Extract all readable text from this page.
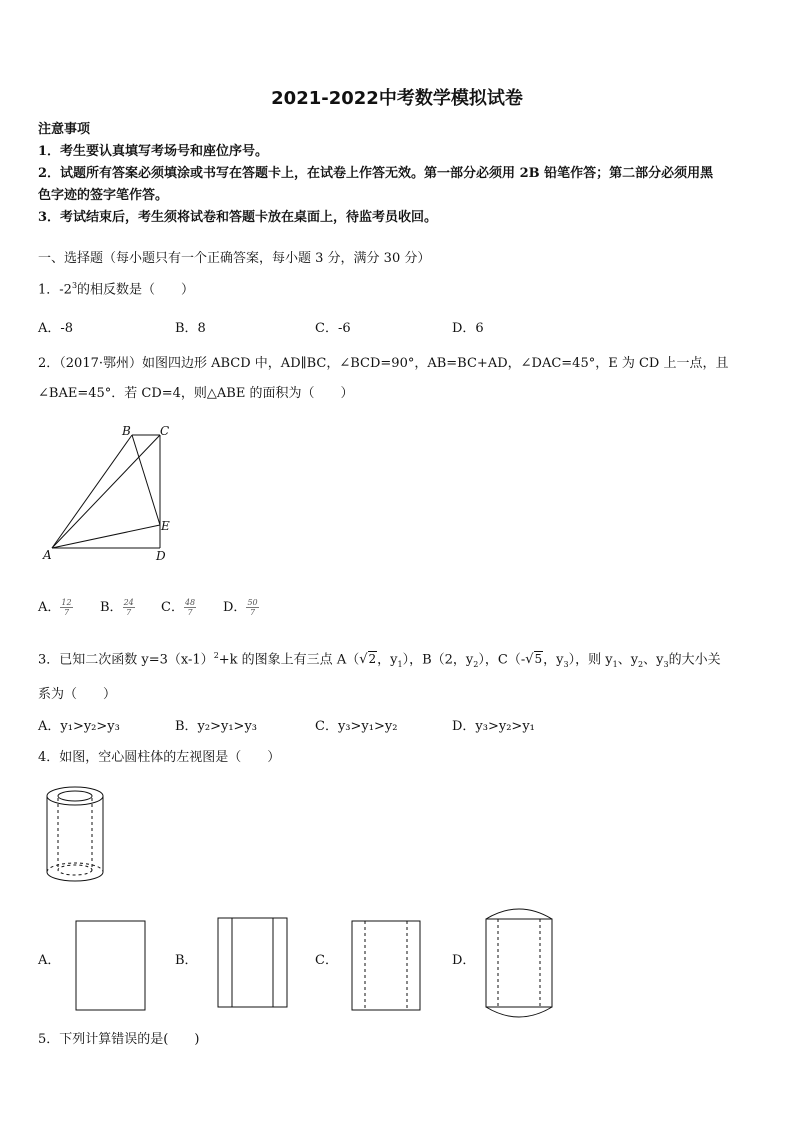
2021-2022中考数学模拟试卷
注意事项
1．考生要认真填写考场号和座位序号。
2．试题所有答案必须填涂或书写在答题卡上，在试卷上作答无效。第一部分必须用 2B 铅笔作答；第二部分必须用黑
色字迹的签字笔作答。
3．考试结束后，考生须将试卷和答题卡放在桌面上，待监考员收回。
一、选择题（每小题只有一个正确答案，每小题 3 分，满分 30 分）
1．$-2^3$的相反数是（　　）
A．-8	B．8	C．-6	D．6
2．（2017·鄂州）如图四边形 ABCD 中，AD∥BC，∠BCD=90°，AB=BC+AD，∠DAC=45°，E 为 CD 上一点，且
∠BAE=45°．若 CD=4，则△ABE 的面积为（　　）
B C
E
A	D
A． $\frac{12}{7}$ B． $\frac{24}{7}$ C． $\frac{48}{7}$ D． $\frac{50}{7}$
3．已知二次函数 $y=3(x-1)^2+k$ 的图象上有三点 A（√2，$y_1$），B（2，$y_2$），C（-√5，$y_3$），则 $y_1$、$y_2$、$y_3$的大小关
系为（　　）
A．y₁>y₂>y₃	B．y₂>y₁>y₃	C．y₃>y₁>y₂	D．y₃>y₂>y₁
4．如图，空心圆柱体的左视图是（　　）
A．	B．	C．	D．
5．下列计算错误的是(　　)
